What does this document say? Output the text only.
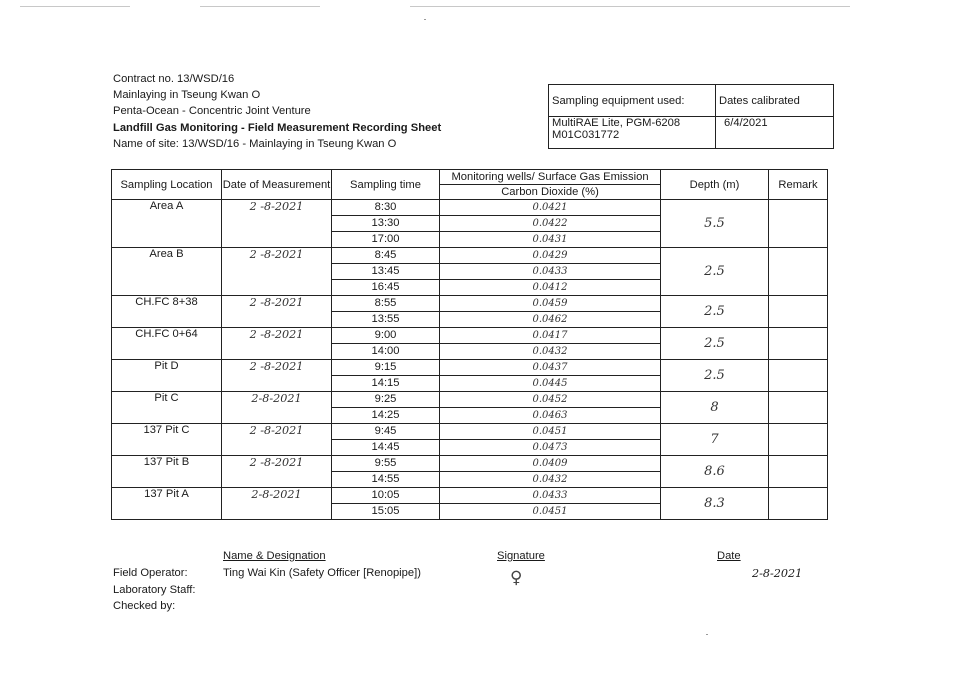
Contract no. 13/WSD/16
Mainlaying in Tseung Kwan O
Penta-Ocean - Concentric Joint Venture
Landfill Gas Monitoring - Field Measurement Recording Sheet
Name of site: 13/WSD/16 - Mainlaying in Tseung Kwan O
Sampling equipment used:	Dates calibrated

MultiRAE Lite, PGM-6208
M01C031772	6/4/2021
Sampling Location	Date of Measurement	Sampling time	Monitoring wells/ Surface Gas Emission	Depth (m)	Remark
			Carbon Dioxide (%)		
Area A	2 -8-2021	8:30	0.0421	5.5	
		13:30	0.0422		
		17:00	0.0431		
Area B	2 -8-2021	8:45	0.0429	2.5	
		13:45	0.0433		
		16:45	0.0412		
CH.FC 8+38	2 -8-2021	8:55	0.0459	2.5	
		13:55	0.0462		
CH.FC 0+64	2 -8-2021	9:00	0.0417	2.5	
		14:00	0.0432		
Pit D	2 -8-2021	9:15	0.0437	2.5	
		14:15	0.0445		
Pit C	2-8-2021	9:25	0.0452	8	
		14:25	0.0463		
137 Pit C	2 -8-2021	9:45	0.0451	7	
		14:45	0.0473		
137 Pit B	2 -8-2021	9:55	0.0409	8.6	
		14:55	0.0432		
137 Pit A	2-8-2021	10:05	0.0433	8.3	
		15:05	0.0451		
Name & Designation	Signature	Date
Field Operator:	Ting Wai Kin (Safety Officer [Renopipe])	♀	2-8-2021
Laboratory Staff:
Checked by:
